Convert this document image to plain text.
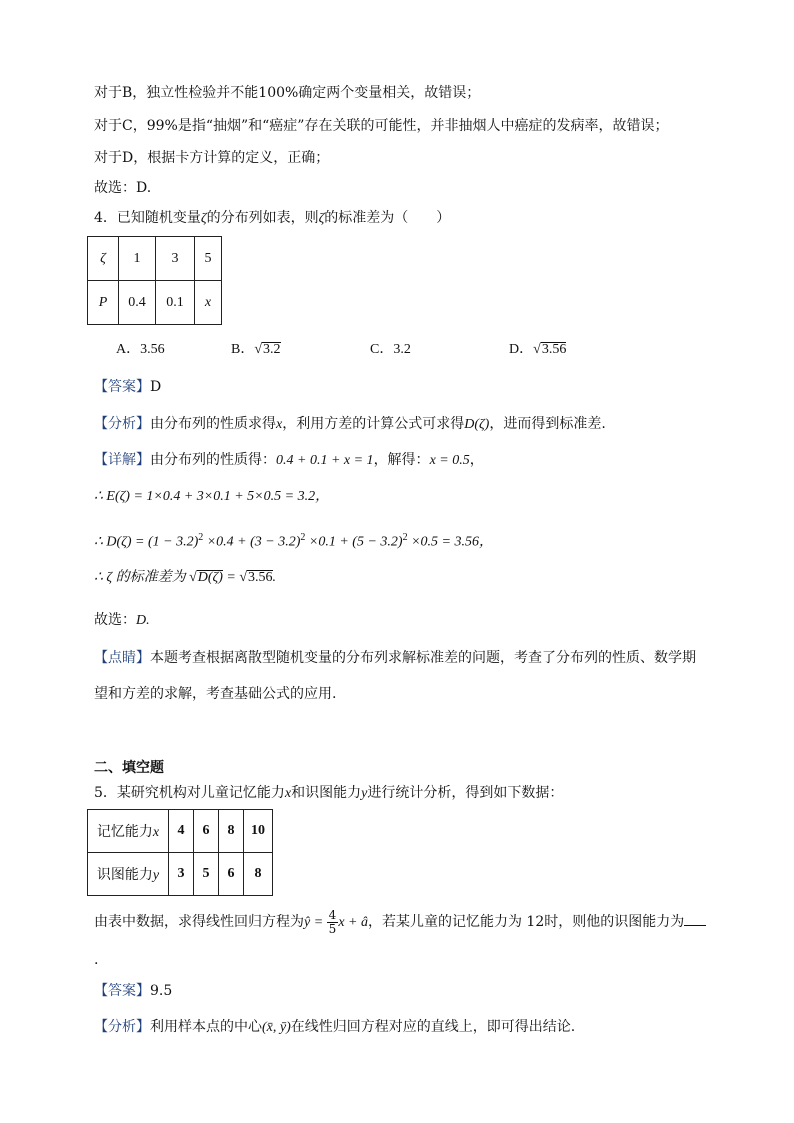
对于B，独立性检验并不能100%确定两个变量相关，故错误；
对于C，99%是指“抽烟”和“癌症”存在关联的可能性，并非抽烟人中癌症的发病率，故错误；
对于D，根据卡方计算的定义，正确；
故选：D.
4．已知随机变量ζ的分布列如表，则ζ的标准差为（　　）
ζ	1	3	5
P	0.4	0.1	x
A．3.56	B．√3.2	C．3.2	D．√3.56
【答案】D
【分析】由分布列的性质求得x，利用方差的计算公式可求得D(ζ)，进而得到标准差.
【详解】由分布列的性质得：0.4 + 0.1 + x = 1，解得：x = 0.5，
∴ E(ζ) = 1×0.4 + 3×0.1 + 5×0.5 = 3.2，
∴ $D(\zeta) = (1 - 3.2)^2 \times 0.4 + (3 - 3.2)^2 \times 0.1 + (5 - 3.2)^2 \times 0.5 = 3.56$，
∴ ζ 的标准差为 √D(ζ) = √3.56.
故选：D.
【点睛】本题考查根据离散型随机变量的分布列求解标准差的问题，考查了分布列的性质、数学期
望和方差的求解，考查基础公式的应用.
二、填空题
5．某研究机构对儿童记忆能力x和识图能力y进行统计分析，得到如下数据：
记忆能力x	4	6	8	10
识图能力y	3	5	6	8
由表中数据，求得线性回归方程为ŷ = $\frac{4}{5}$ x + â，若某儿童的记忆能力为 12时，则他的识图能力为
.
【答案】9.5
【分析】利用样本点的中心(x̄, ȳ)在线性归回方程对应的直线上，即可得出结论.
